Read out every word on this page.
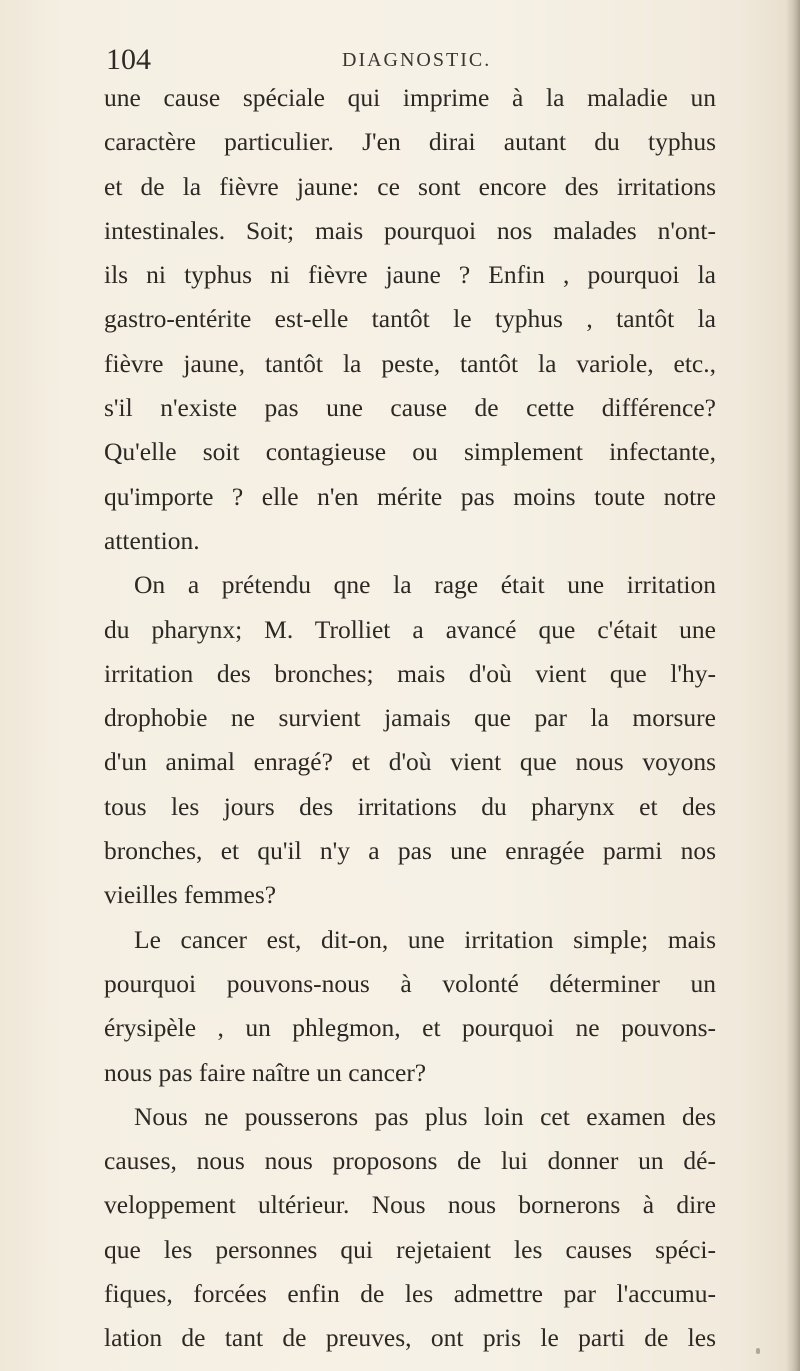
104	DIAGNOSTIC.
une cause spéciale qui imprime à la maladie un
caractère particulier. J'en dirai autant du typhus
et de la fièvre jaune: ce sont encore des irritations
intestinales. Soit; mais pourquoi nos malades n'ont-
ils ni typhus ni fièvre jaune ? Enfin , pourquoi la
gastro-entérite est-elle tantôt le typhus , tantôt la
fièvre jaune, tantôt la peste, tantôt la variole, etc.,
s'il n'existe pas une cause de cette différence?
Qu'elle soit contagieuse ou simplement infectante,
qu'importe ? elle n'en mérite pas moins toute notre
attention.
On a prétendu qne la rage était une irritation
du pharynx; M. Trolliet a avancé que c'était une
irritation des bronches; mais d'où vient que l'hy-
drophobie ne survient jamais que par la morsure
d'un animal enragé? et d'où vient que nous voyons
tous les jours des irritations du pharynx et des
bronches, et qu'il n'y a pas une enragée parmi nos
vieilles femmes?
Le cancer est, dit-on, une irritation simple; mais
pourquoi pouvons-nous à volonté déterminer un
érysipèle , un phlegmon, et pourquoi ne pouvons-
nous pas faire naître un cancer?
Nous ne pousserons pas plus loin cet examen des
causes, nous nous proposons de lui donner un dé-
veloppement ultérieur. Nous nous bornerons à dire
que les personnes qui rejetaient les causes spéci-
fiques, forcées enfin de les admettre par l'accumu-
lation de tant de preuves, ont pris le parti de les
